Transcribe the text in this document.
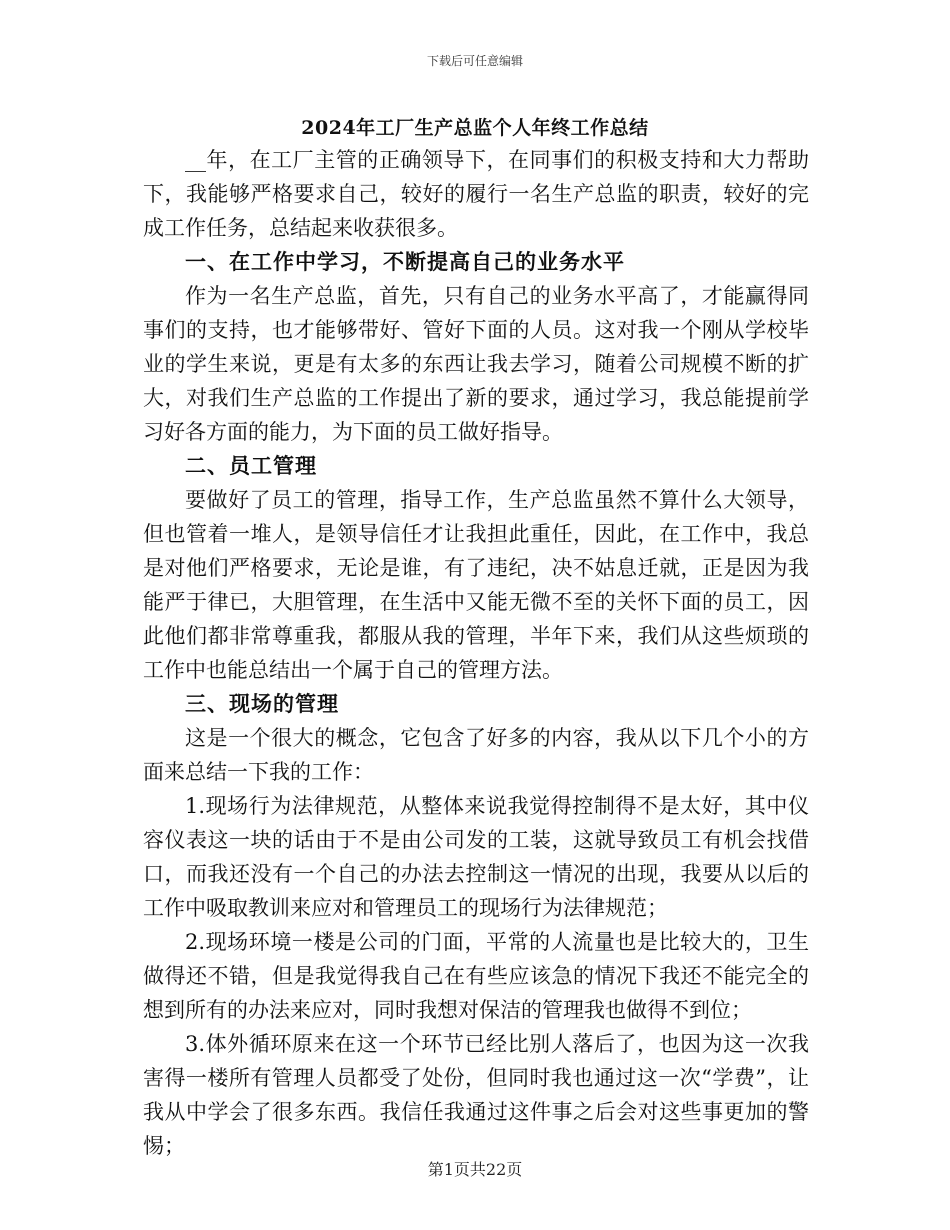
下载后可任意编辑
2024年工厂生产总监个人年终工作总结

__年，在工厂主管的正确领导下，在同事们的积极支持和大力帮助下，我能够严格要求自己，较好的履行一名生产总监的职责，较好的完成工作任务，总结起来收获很多。

一、在工作中学习，不断提高自己的业务水平

作为一名生产总监，首先，只有自己的业务水平高了，才能赢得同事们的支持，也才能够带好、管好下面的人员。这对我一个刚从学校毕业的学生来说，更是有太多的东西让我去学习，随着公司规模不断的扩大，对我们生产总监的工作提出了新的要求，通过学习，我总能提前学习好各方面的能力，为下面的员工做好指导。

二、员工管理

要做好了员工的管理，指导工作，生产总监虽然不算什么大领导，但也管着一堆人，是领导信任才让我担此重任，因此，在工作中，我总是对他们严格要求，无论是谁，有了违纪，决不姑息迁就，正是因为我能严于律已，大胆管理，在生活中又能无微不至的关怀下面的员工，因此他们都非常尊重我，都服从我的管理，半年下来，我们从这些烦琐的工作中也能总结出一个属于自己的管理方法。

三、现场的管理

这是一个很大的概念，它包含了好多的内容，我从以下几个小的方面来总结一下我的工作：

1.现场行为法律规范，从整体来说我觉得控制得不是太好，其中仪容仪表这一块的话由于不是由公司发的工装，这就导致员工有机会找借口，而我还没有一个自己的办法去控制这一情况的出现，我要从以后的工作中吸取教训来应对和管理员工的现场行为法律规范；

2.现场环境一楼是公司的门面，平常的人流量也是比较大的，卫生做得还不错，但是我觉得我自己在有些应该急的情况下我还不能完全的想到所有的办法来应对，同时我想对保洁的管理我也做得不到位；

3.体外循环原来在这一个环节已经比别人落后了，也因为这一次我害得一楼所有管理人员都受了处份，但同时我也通过这一次“学费”，让我从中学会了很多东西。我信任我通过这件事之后会对这些事更加的警惕；

第1页共22页
